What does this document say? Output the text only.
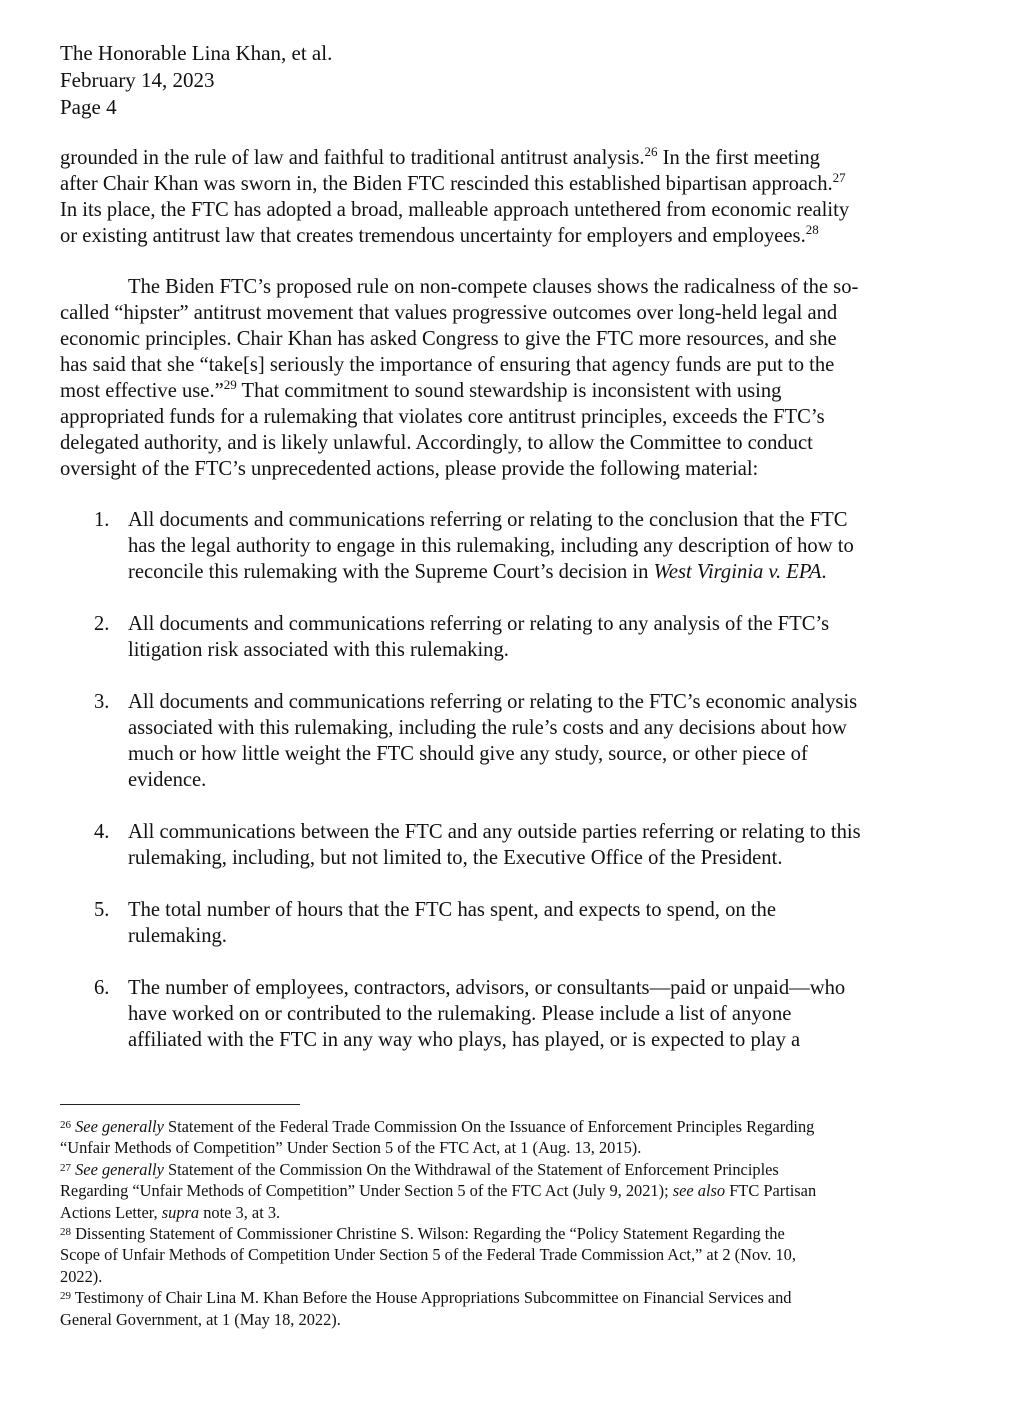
The Honorable Lina Khan, et al.
February 14, 2023
Page 4
grounded in the rule of law and faithful to traditional antitrust analysis.$^{26}$ In the first meeting
after Chair Khan was sworn in, the Biden FTC rescinded this established bipartisan approach.$^{27}$
In its place, the FTC has adopted a broad, malleable approach untethered from economic reality
or existing antitrust law that creates tremendous uncertainty for employers and employees.$^{28}$
The Biden FTC’s proposed rule on non-compete clauses shows the radicalness of the so-
called “hipster” antitrust movement that values progressive outcomes over long-held legal and
economic principles. Chair Khan has asked Congress to give the FTC more resources, and she
has said that she “take[s] seriously the importance of ensuring that agency funds are put to the
most effective use.”$^{29}$ That commitment to sound stewardship is inconsistent with using
appropriated funds for a rulemaking that violates core antitrust principles, exceeds the FTC’s
delegated authority, and is likely unlawful. Accordingly, to allow the Committee to conduct
oversight of the FTC’s unprecedented actions, please provide the following material:
1. All documents and communications referring or relating to the conclusion that the FTC
has the legal authority to engage in this rulemaking, including any description of how to
reconcile this rulemaking with the Supreme Court’s decision in West Virginia v. EPA.
2. All documents and communications referring or relating to any analysis of the FTC’s
litigation risk associated with this rulemaking.
3. All documents and communications referring or relating to the FTC’s economic analysis
associated with this rulemaking, including the rule’s costs and any decisions about how
much or how little weight the FTC should give any study, source, or other piece of
evidence.
4. All communications between the FTC and any outside parties referring or relating to this
rulemaking, including, but not limited to, the Executive Office of the President.
5. The total number of hours that the FTC has spent, and expects to spend, on the
rulemaking.
6. The number of employees, contractors, advisors, or consultants—paid or unpaid—who
have worked on or contributed to the rulemaking. Please include a list of anyone
affiliated with the FTC in any way who plays, has played, or is expected to play a
$^{26}$ See generally Statement of the Federal Trade Commission On the Issuance of Enforcement Principles Regarding
“Unfair Methods of Competition” Under Section 5 of the FTC Act, at 1 (Aug. 13, 2015).
$^{27}$ See generally Statement of the Commission On the Withdrawal of the Statement of Enforcement Principles
Regarding “Unfair Methods of Competition” Under Section 5 of the FTC Act (July 9, 2021); see also FTC Partisan
Actions Letter, supra note 3, at 3.
$^{28}$ Dissenting Statement of Commissioner Christine S. Wilson: Regarding the “Policy Statement Regarding the
Scope of Unfair Methods of Competition Under Section 5 of the Federal Trade Commission Act,” at 2 (Nov. 10,
2022).
$^{29}$ Testimony of Chair Lina M. Khan Before the House Appropriations Subcommittee on Financial Services and
General Government, at 1 (May 18, 2022).
